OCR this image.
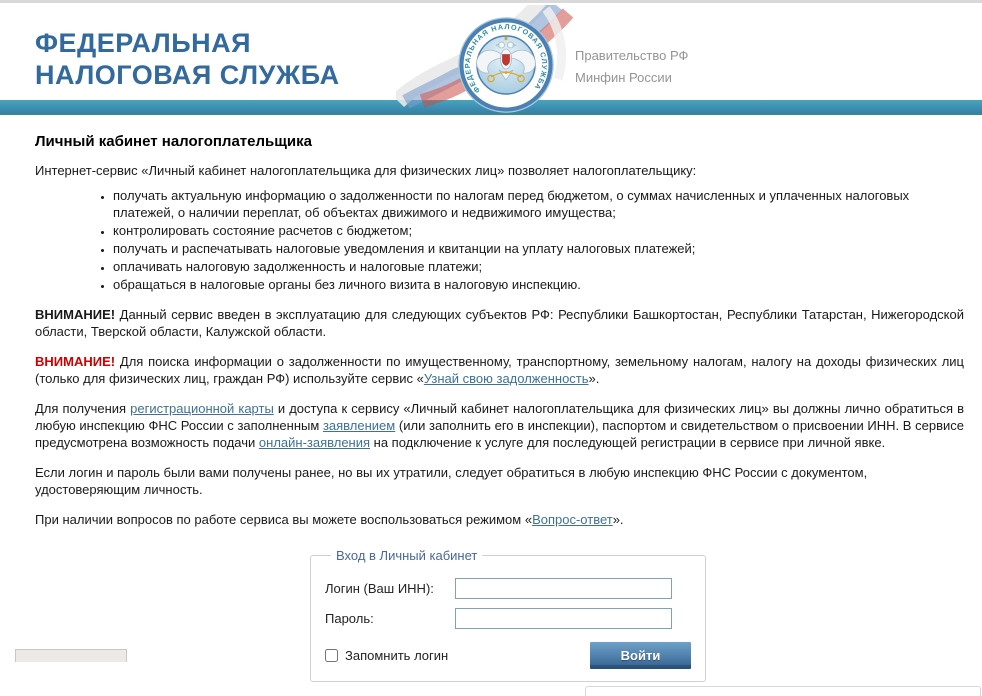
ФЕДЕРАЛЬНАЯ
НАЛОГОВАЯ СЛУЖБА	ФЕДЕРАЛЬНАЯ НАЛОГОВАЯ СЛУЖБА
Правительство РФ
Минфин России
Личный кабинет налогоплательщика

Интернет-сервис «Личный кабинет налогоплательщика для физических лиц» позволяет налогоплательщику:

• получать актуальную информацию о задолженности по налогам перед бюджетом, о суммах начисленных и уплаченных налоговых платежей, о наличии переплат, об объектах движимого и недвижимого имущества;
• контролировать состояние расчетов с бюджетом;
• получать и распечатывать налоговые уведомления и квитанции на уплату налоговых платежей;
• оплачивать налоговую задолженность и налоговые платежи;
• обращаться в налоговые органы без личного визита в налоговую инспекцию.

ВНИМАНИЕ! Данный сервис введен в эксплуатацию для следующих субъектов РФ: Республики Башкортостан, Республики Татарстан, Нижегородской области, Тверской области, Калужской области.

ВНИМАНИЕ! Для поиска информации о задолженности по имущественному, транспортному, земельному налогам, налогу на доходы физических лиц (только для физических лиц, граждан РФ) используйте сервис «Узнай свою задолженность».

Для получения регистрационной карты и доступа к сервису «Личный кабинет налогоплательщика для физических лиц» вы должны лично обратиться в любую инспекцию ФНС России с заполненным заявлением (или заполнить его в инспекции), паспортом и свидетельством о присвоении ИНН. В сервисе предусмотрена возможность подачи онлайн-заявления на подключение к услуге для последующей регистрации в сервисе при личной явке.

Если логин и пароль были вами получены ранее, но вы их утратили, следует обратиться в любую инспекцию ФНС России с документом, удостоверяющим личность.

При наличии вопросов по работе сервиса вы можете воспользоваться режимом «Вопрос-ответ».

Вход в Личный кабинет
Логин (Ваш ИНН):
Пароль:
Запомнить логин	Войти
